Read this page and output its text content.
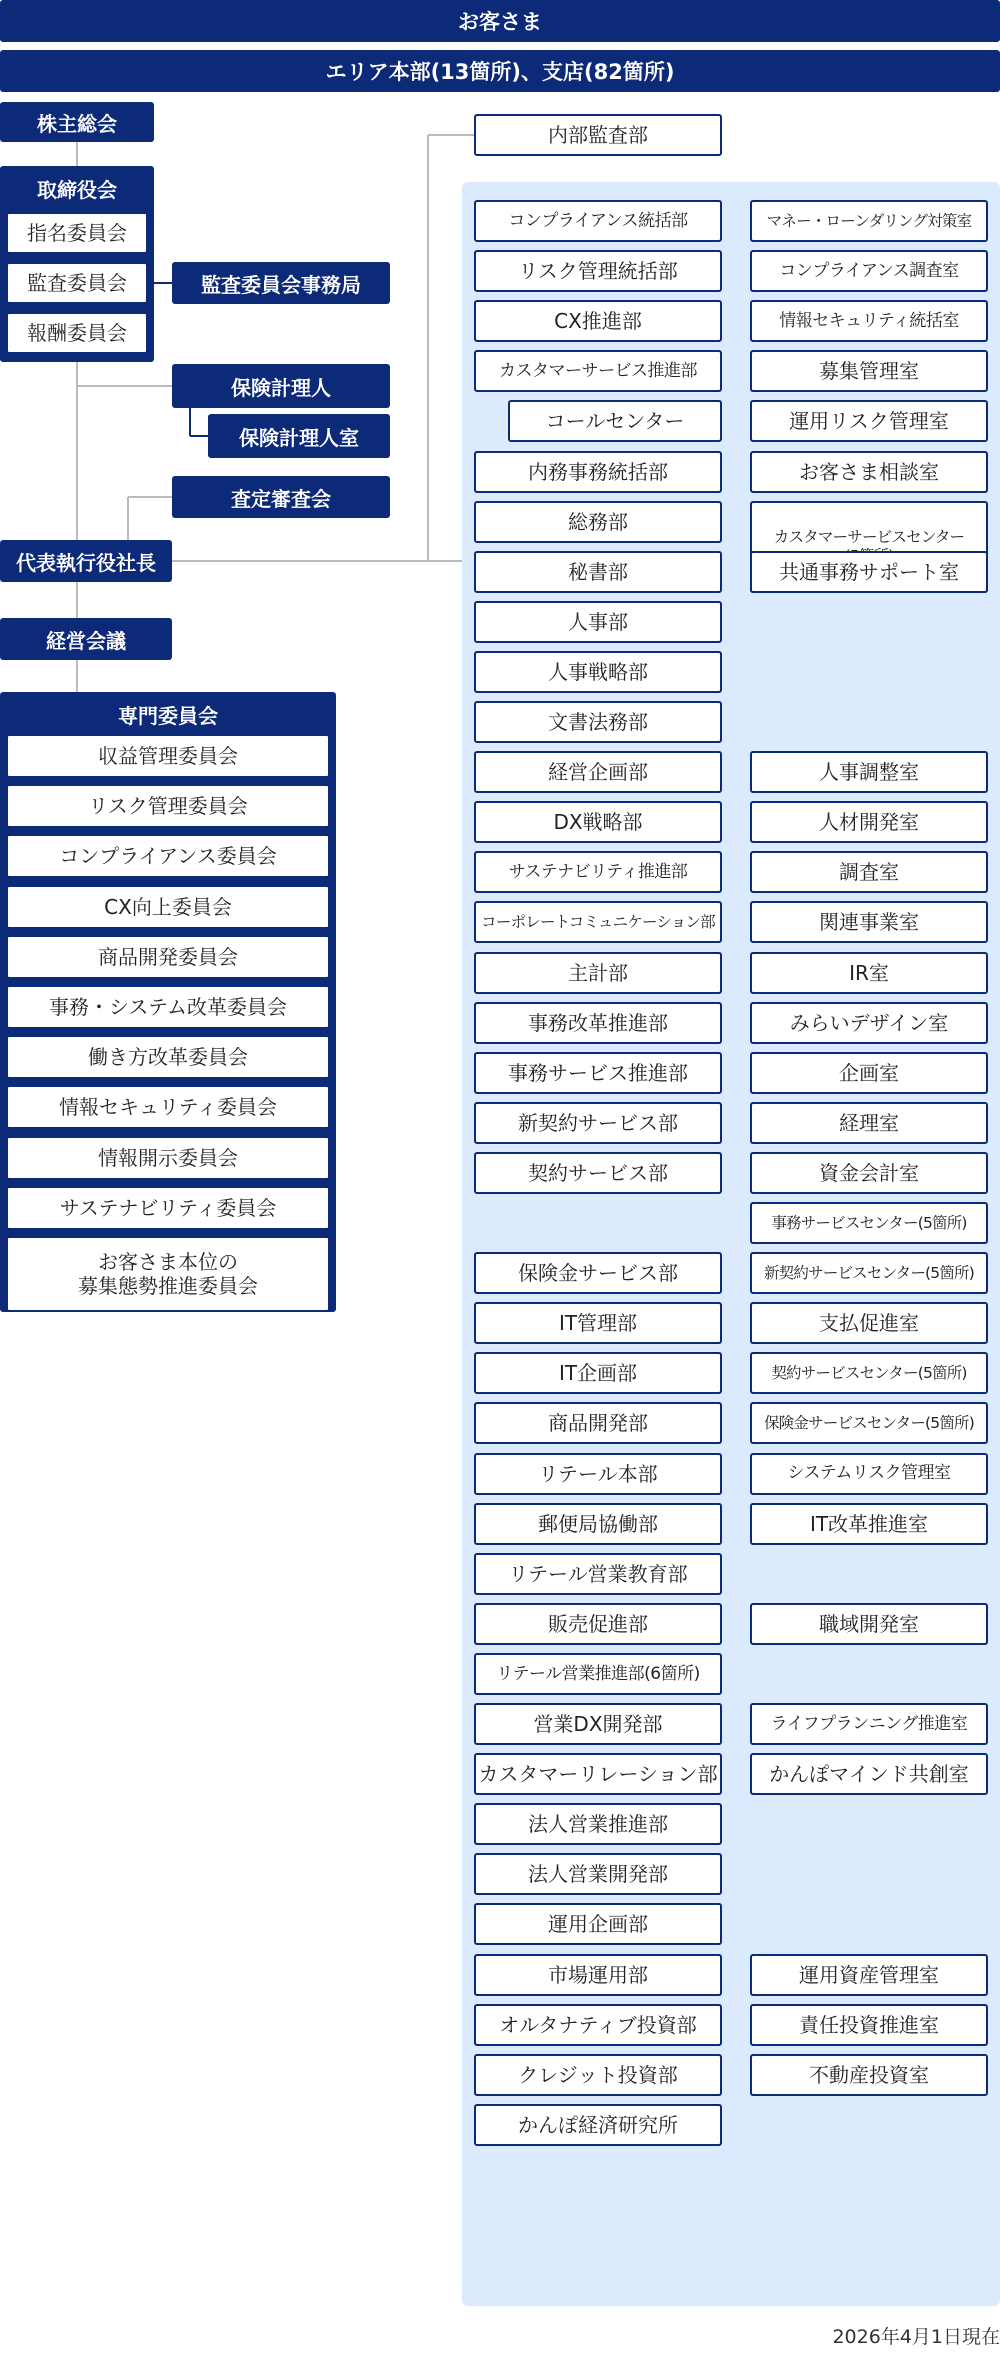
お客さま
エリア本部(13箇所)、支店(82箇所)
株主総会
取締役会
指名委員会
監査委員会
報酬委員会
監査委員会事務局
保険計理人
保険計理人室
査定審査会
代表執行役社長
経営会議
専門委員会
収益管理委員会
リスク管理委員会
コンプライアンス委員会
CX向上委員会
商品開発委員会
事務・システム改革委員会
働き方改革委員会
情報セキュリティ委員会
情報開示委員会
サステナビリティ委員会
お客さま本位の
募集態勢推進委員会
内部監査部
コンプライアンス統括部
リスク管理統括部
CX推進部
カスタマーサービス推進部
内務事務統括部
総務部
秘書部
人事部
人事戦略部
文書法務部
経営企画部
DX戦略部
サステナビリティ推進部
コーポレートコミュニケーション部
主計部
事務改革推進部
事務サービス推進部
新契約サービス部
契約サービス部
保険金サービス部
IT管理部
IT企画部
商品開発部
リテール本部
郵便局協働部
リテール営業教育部
販売促進部
リテール営業推進部(6箇所)
営業DX開発部
カスタマーリレーション部
法人営業推進部
法人営業開発部
運用企画部
市場運用部
オルタナティブ投資部
クレジット投資部
かんぽ経済研究所
コールセンター
マネー・ローンダリング対策室
コンプライアンス調査室
情報セキュリティ統括室
募集管理室
運用リスク管理室
お客さま相談室
カスタマーサービスセンター

共通事務サポート室
人事調整室
人材開発室
調査室
関連事業室
IR室
みらいデザイン室
企画室
経理室
資金会計室
事務サービスセンター(5箇所)
新契約サービスセンター(5箇所)
支払促進室
契約サービスセンター(5箇所)
保険金サービスセンター(5箇所)
システムリスク管理室
IT改革推進室
職域開発室
ライフプランニング推進室
かんぽマインド共創室
運用資産管理室
責任投資推進室
不動産投資室
2026年4月1日現在
